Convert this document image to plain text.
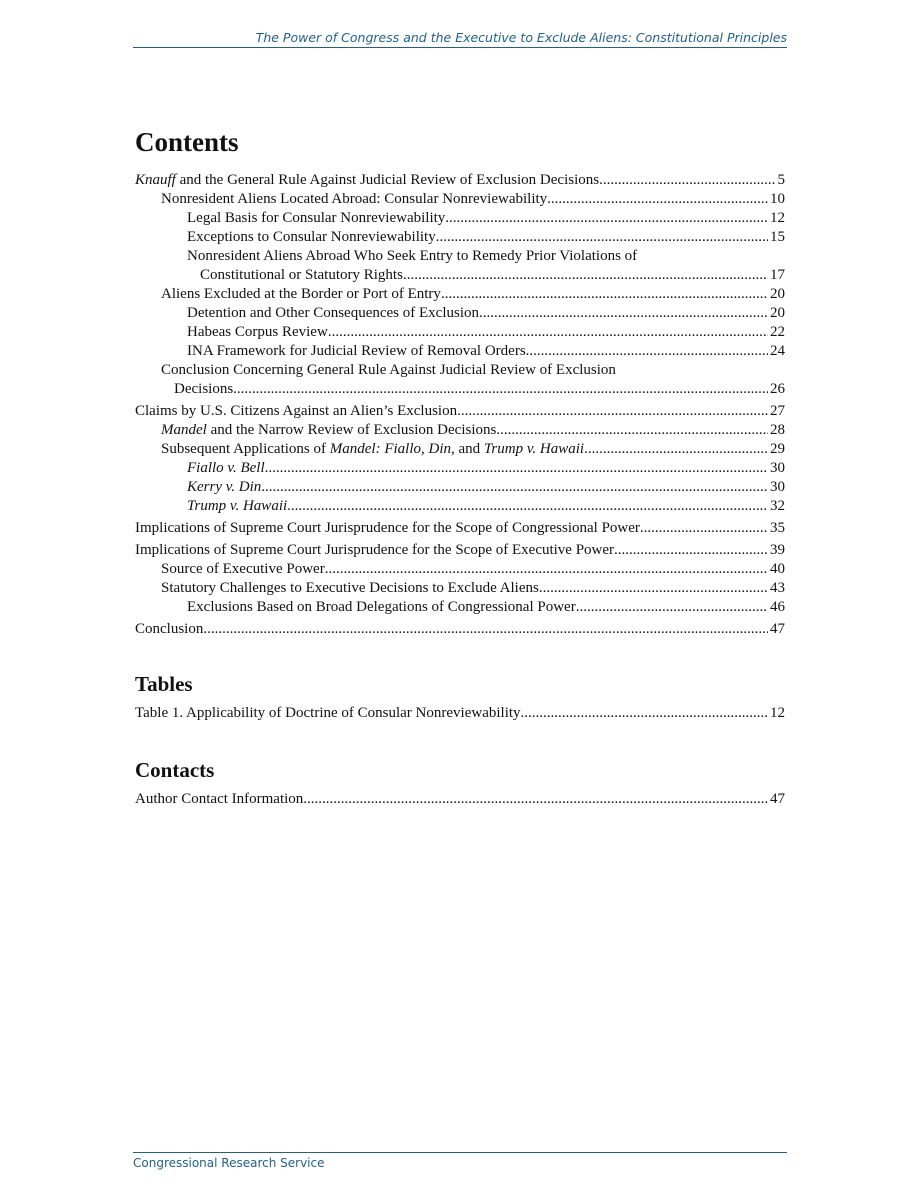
The Power of Congress and the Executive to Exclude Aliens: Constitutional Principles
Contents
Knauff and the General Rule Against Judicial Review of Exclusion Decisions .....	5
Nonresident Aliens Located Abroad: Consular Nonreviewability .....	10
Legal Basis for Consular Nonreviewability .....	12
Exceptions to Consular Nonreviewability .....	15
Nonresident Aliens Abroad Who Seek Entry to Remedy Prior Violations of
Constitutional or Statutory Rights .....	17
Aliens Excluded at the Border or Port of Entry .....	20
Detention and Other Consequences of Exclusion .....	20
Habeas Corpus Review .....	22
INA Framework for Judicial Review of Removal Orders .....	24
Conclusion Concerning General Rule Against Judicial Review of Exclusion
Decisions .....	26
Claims by U.S. Citizens Against an Alien’s Exclusion .....	27
Mandel and the Narrow Review of Exclusion Decisions .....	28
Subsequent Applications of Mandel: Fiallo, Din, and Trump v. Hawaii .....	29
Fiallo v. Bell .....	30
Kerry v. Din .....	30
Trump v. Hawaii .....	32
Implications of Supreme Court Jurisprudence for the Scope of Congressional Power .....	35
Implications of Supreme Court Jurisprudence for the Scope of Executive Power .....	39
Source of Executive Power .....	40
Statutory Challenges to Executive Decisions to Exclude Aliens .....	43
Exclusions Based on Broad Delegations of Congressional Power .....	46
Conclusion .....	47
Tables
Table 1. Applicability of Doctrine of Consular Nonreviewability .....	12
Contacts
Author Contact Information .....	47
Congressional Research Service
